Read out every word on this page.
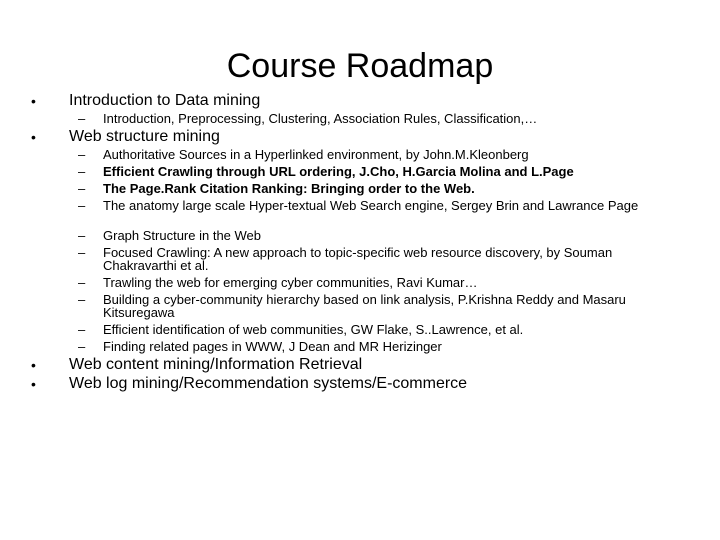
Course Roadmap
• Introduction to Data mining
– Introduction, Preprocessing, Clustering, Association Rules, Classification,…
• Web structure mining
– Authoritative Sources in a Hyperlinked environment, by John.M.Kleonberg
– Efficient Crawling through URL ordering, J.Cho, H.Garcia Molina and L.Page
– The Page.Rank Citation Ranking: Bringing order to the Web.
– The anatomy large scale Hyper-textual Web Search engine, Sergey Brin and Lawrance Page
– Graph Structure in the Web
– Focused Crawling: A new approach to topic-specific web resource discovery, by Souman Chakravarthi et al.
– Trawling the web for emerging cyber communities, Ravi Kumar…
– Building a cyber-community hierarchy based on link analysis, P.Krishna Reddy and Masaru Kitsuregawa
– Efficient identification of web communities, GW Flake, S..Lawrence, et al.
– Finding related pages in WWW, J Dean and MR Herizinger
• Web content mining/Information Retrieval
• Web log mining/Recommendation systems/E-commerce
